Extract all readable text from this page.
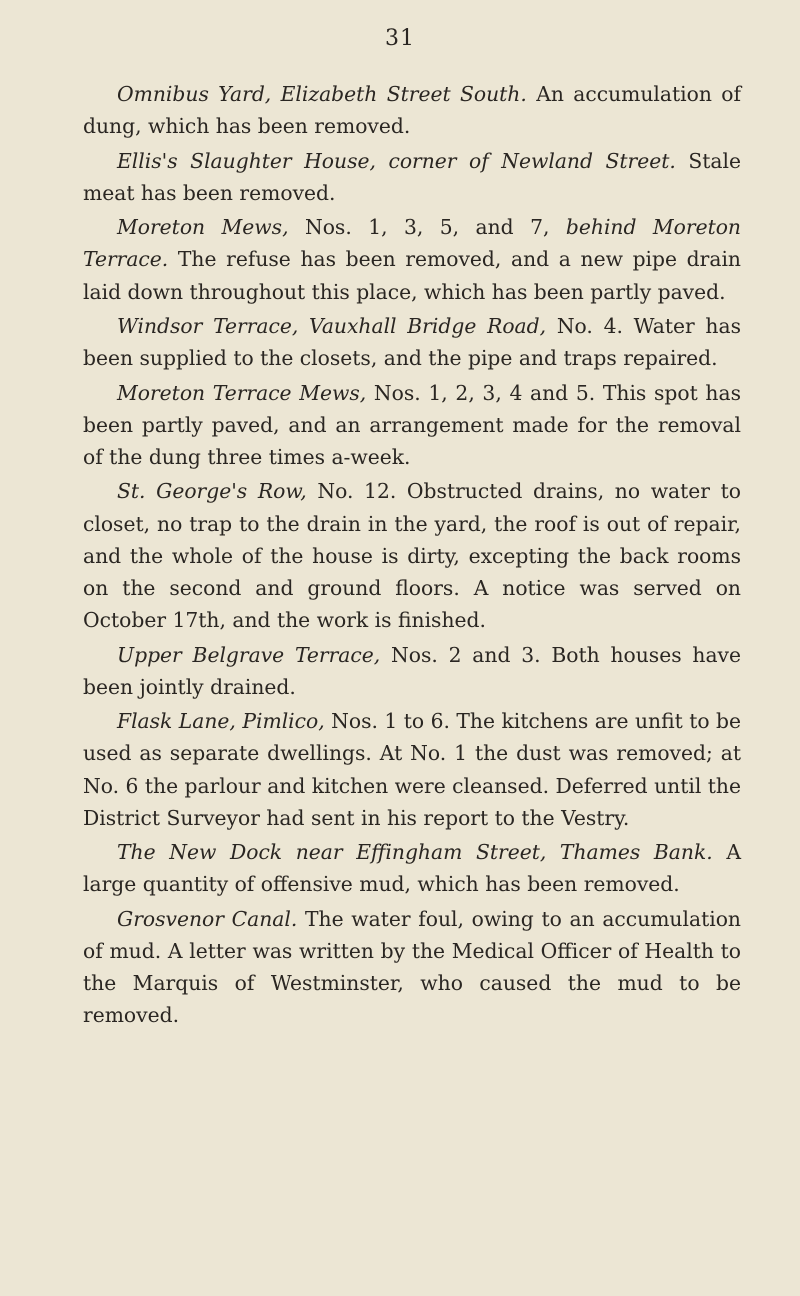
31

Omnibus Yard, Elizabeth Street South. An accumulation of dung, which has been removed.

Ellis's Slaughter House, corner of Newland Street. Stale meat has been removed.

Moreton Mews, Nos. 1, 3, 5, and 7, behind Moreton Terrace. The refuse has been removed, and a new pipe drain laid down throughout this place, which has been partly paved.

Windsor Terrace, Vauxhall Bridge Road, No. 4. Water has been supplied to the closets, and the pipe and traps repaired.

Moreton Terrace Mews, Nos. 1, 2, 3, 4 and 5. This spot has been partly paved, and an arrangement made for the removal of the dung three times a-week.

St. George's Row, No. 12. Obstructed drains, no water to closet, no trap to the drain in the yard, the roof is out of repair, and the whole of the house is dirty, excepting the back rooms on the second and ground floors. A notice was served on October 17th, and the work is finished.

Upper Belgrave Terrace, Nos. 2 and 3. Both houses have been jointly drained.

Flask Lane, Pimlico, Nos. 1 to 6. The kitchens are unfit to be used as separate dwellings. At No. 1 the dust was removed; at No. 6 the parlour and kitchen were cleansed. Deferred until the District Surveyor had sent in his report to the Vestry.

The New Dock near Effingham Street, Thames Bank. A large quantity of offensive mud, which has been removed.

Grosvenor Canal. The water foul, owing to an accumulation of mud. A letter was written by the Medical Officer of Health to the Marquis of Westminster, who caused the mud to be removed.
